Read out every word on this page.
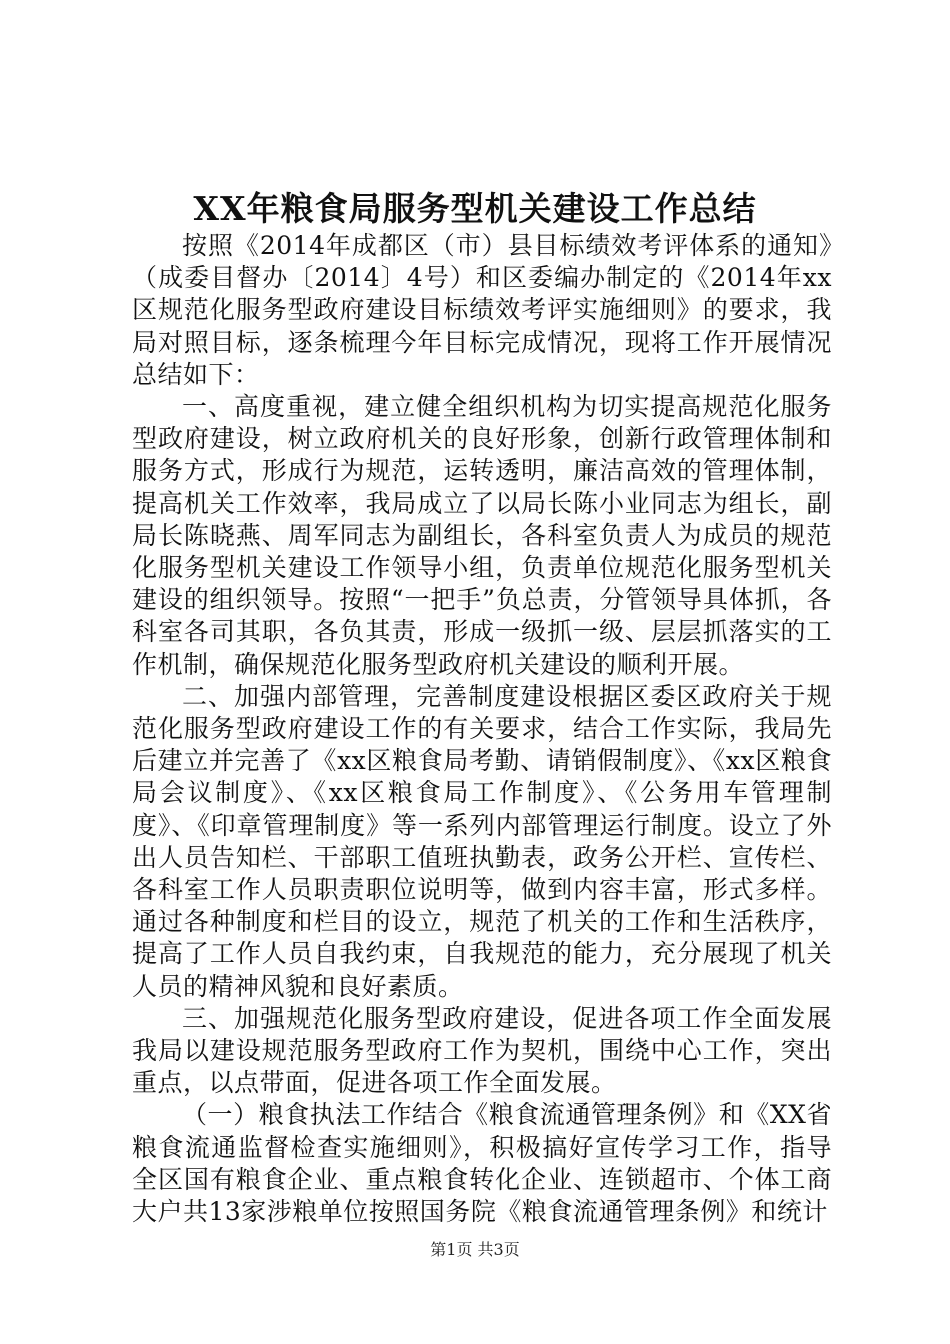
XX年粮食局服务型机关建设工作总结

按照《2014年成都区（市）县目标绩效考评体系的通知》（成委目督办〔2014〕4号）和区委编办制定的《2014年xx区规范化服务型政府建设目标绩效考评实施细则》的要求，我局对照目标，逐条梳理今年目标完成情况，现将工作开展情况总结如下：

一、高度重视，建立健全组织机构为切实提高规范化服务型政府建设，树立政府机关的良好形象，创新行政管理体制和服务方式，形成行为规范，运转透明，廉洁高效的管理体制，提高机关工作效率，我局成立了以局长陈小业同志为组长，副局长陈晓燕、周军同志为副组长，各科室负责人为成员的规范化服务型机关建设工作领导小组，负责单位规范化服务型机关建设的组织领导。按照“一把手”负总责，分管领导具体抓，各科室各司其职，各负其责，形成一级抓一级、层层抓落实的工作机制，确保规范化服务型政府机关建设的顺利开展。

二、加强内部管理，完善制度建设根据区委区政府关于规范化服务型政府建设工作的有关要求，结合工作实际，我局先后建立并完善了《xx区粮食局考勤、请销假制度》、《xx区粮食局会议制度》、《xx区粮食局工作制度》、《公务用车管理制度》、《印章管理制度》等一系列内部管理运行制度。设立了外出人员告知栏、干部职工值班执勤表，政务公开栏、宣传栏、各科室工作人员职责职位说明等，做到内容丰富，形式多样。通过各种制度和栏目的设立，规范了机关的工作和生活秩序，提高了工作人员自我约束，自我规范的能力，充分展现了机关人员的精神风貌和良好素质。

三、加强规范化服务型政府建设，促进各项工作全面发展我局以建设规范服务型政府工作为契机，围绕中心工作，突出重点，以点带面，促进各项工作全面发展。

（一）粮食执法工作结合《粮食流通管理条例》和《XX省粮食流通监督检查实施细则》，积极搞好宣传学习工作，指导全区国有粮食企业、重点粮食转化企业、连锁超市、个体工商大户共13家涉粮单位按照国务院《粮食流通管理条例》和统计

第1页 共3页
